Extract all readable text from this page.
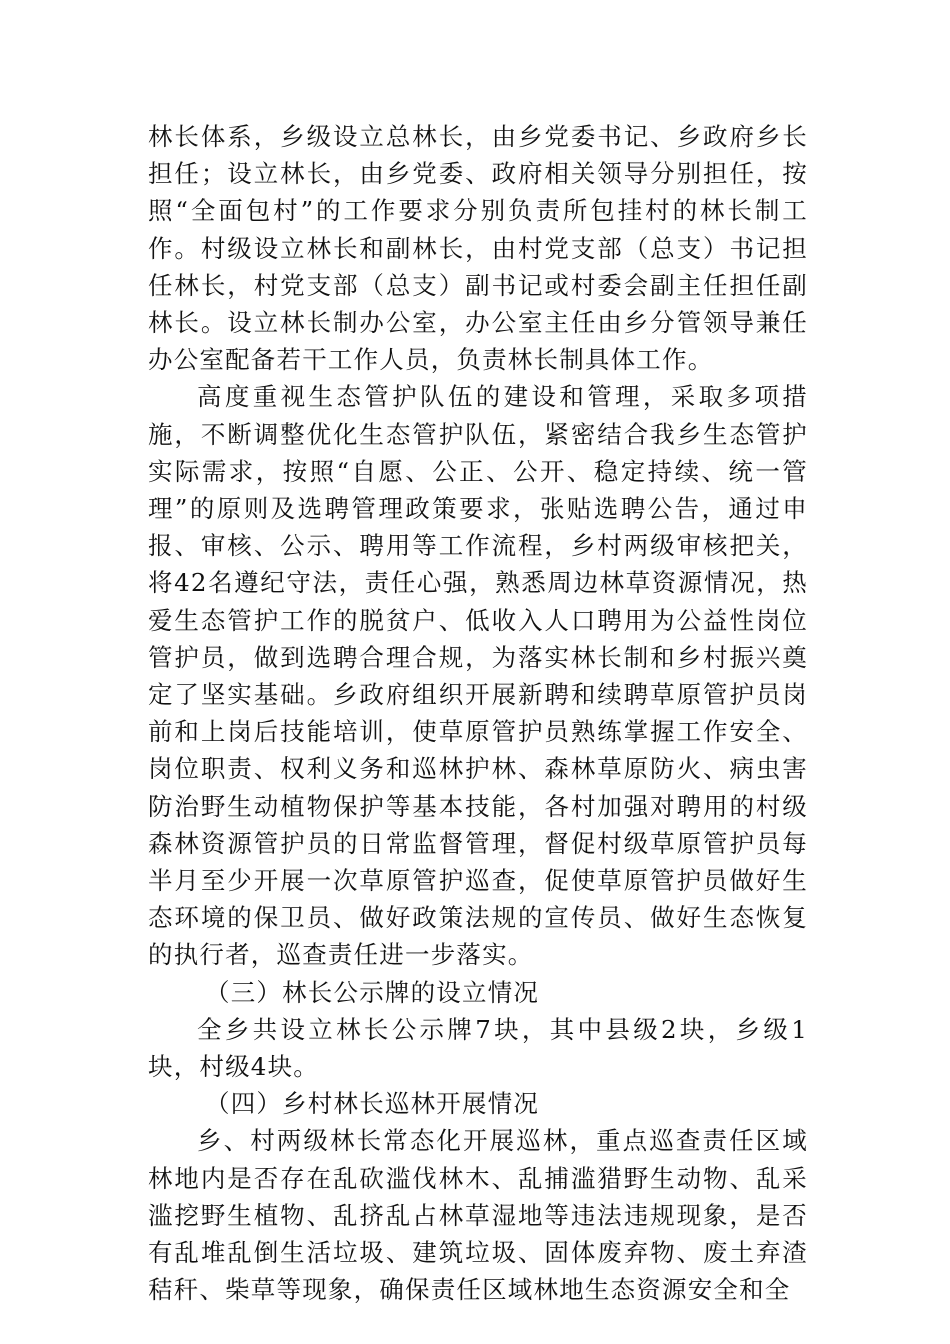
林长体系，乡级设立总林长，由乡党委书记、乡政府乡长担任；设立林长，由乡党委、政府相关领导分别担任，按照“全面包村”的工作要求分别负责所包挂村的林长制工作。村级设立林长和副林长，由村党支部（总支）书记担任林长，村党支部（总支）副书记或村委会副主任担任副林长。设立林长制办公室，办公室主任由乡分管领导兼任办公室配备若干工作人员，负责林长制具体工作。

高度重视生态管护队伍的建设和管理，采取多项措施，不断调整优化生态管护队伍，紧密结合我乡生态管护实际需求，按照“自愿、公正、公开、稳定持续、统一管理”的原则及选聘管理政策要求，张贴选聘公告，通过申报、审核、公示、聘用等工作流程，乡村两级审核把关，将42名遵纪守法，责任心强，熟悉周边林草资源情况，热爱生态管护工作的脱贫户、低收入人口聘用为公益性岗位管护员，做到选聘合理合规，为落实林长制和乡村振兴奠定了坚实基础。乡政府组织开展新聘和续聘草原管护员岗前和上岗后技能培训，使草原管护员熟练掌握工作安全、岗位职责、权利义务和巡林护林、森林草原防火、病虫害防治野生动植物保护等基本技能，各村加强对聘用的村级森林资源管护员的日常监督管理，督促村级草原管护员每半月至少开展一次草原管护巡查，促使草原管护员做好生态环境的保卫员、做好政策法规的宣传员、做好生态恢复的执行者，巡查责任进一步落实。

（三）林长公示牌的设立情况

全乡共设立林长公示牌7块，其中县级2块，乡级1块，村级4块。

（四）乡村林长巡林开展情况

乡、村两级林长常态化开展巡林，重点巡查责任区域林地内是否存在乱砍滥伐林木、乱捕滥猎野生动物、乱采滥挖野生植物、乱挤乱占林草湿地等违法违规现象，是否有乱堆乱倒生活垃圾、建筑垃圾、固体废弃物、废土弃渣秸秆、柴草等现象，确保责任区域林地生态资源安全和全
